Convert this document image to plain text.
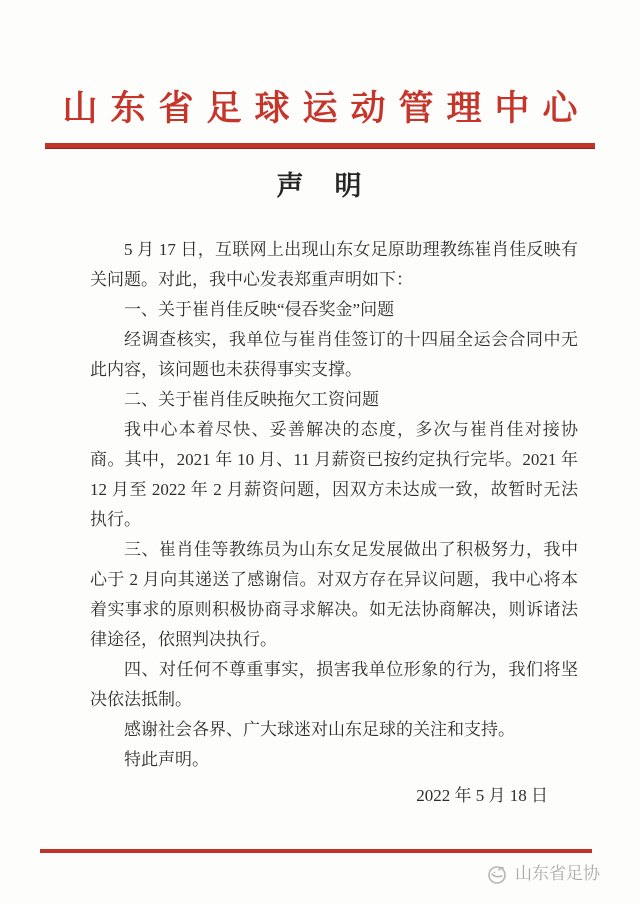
山东省足球运动管理中心
声　明

5 月 17 日，互联网上出现山东女足原助理教练崔肖佳反映有关问题。对此，我中心发表郑重声明如下：

一、关于崔肖佳反映“侵吞奖金”问题

经调查核实，我单位与崔肖佳签订的十四届全运会合同中无此内容，该问题也未获得事实支撑。

二、关于崔肖佳反映拖欠工资问题

我中心本着尽快、妥善解决的态度，多次与崔肖佳对接协商。其中，2021 年 10 月、11 月薪资已按约定执行完毕。2021 年 12 月至 2022 年 2 月薪资问题，因双方未达成一致，故暂时无法执行。

三、崔肖佳等教练员为山东女足发展做出了积极努力，我中心于 2 月向其递送了感谢信。对双方存在异议问题，我中心将本着实事求的原则积极协商寻求解决。如无法协商解决，则诉诸法律途径，依照判决执行。

四、对任何不尊重事实，损害我单位形象的行为，我们将坚决依法抵制。

感谢社会各界、广大球迷对山东足球的关注和支持。

特此声明。

2022 年 5 月 18 日
山东省足协
